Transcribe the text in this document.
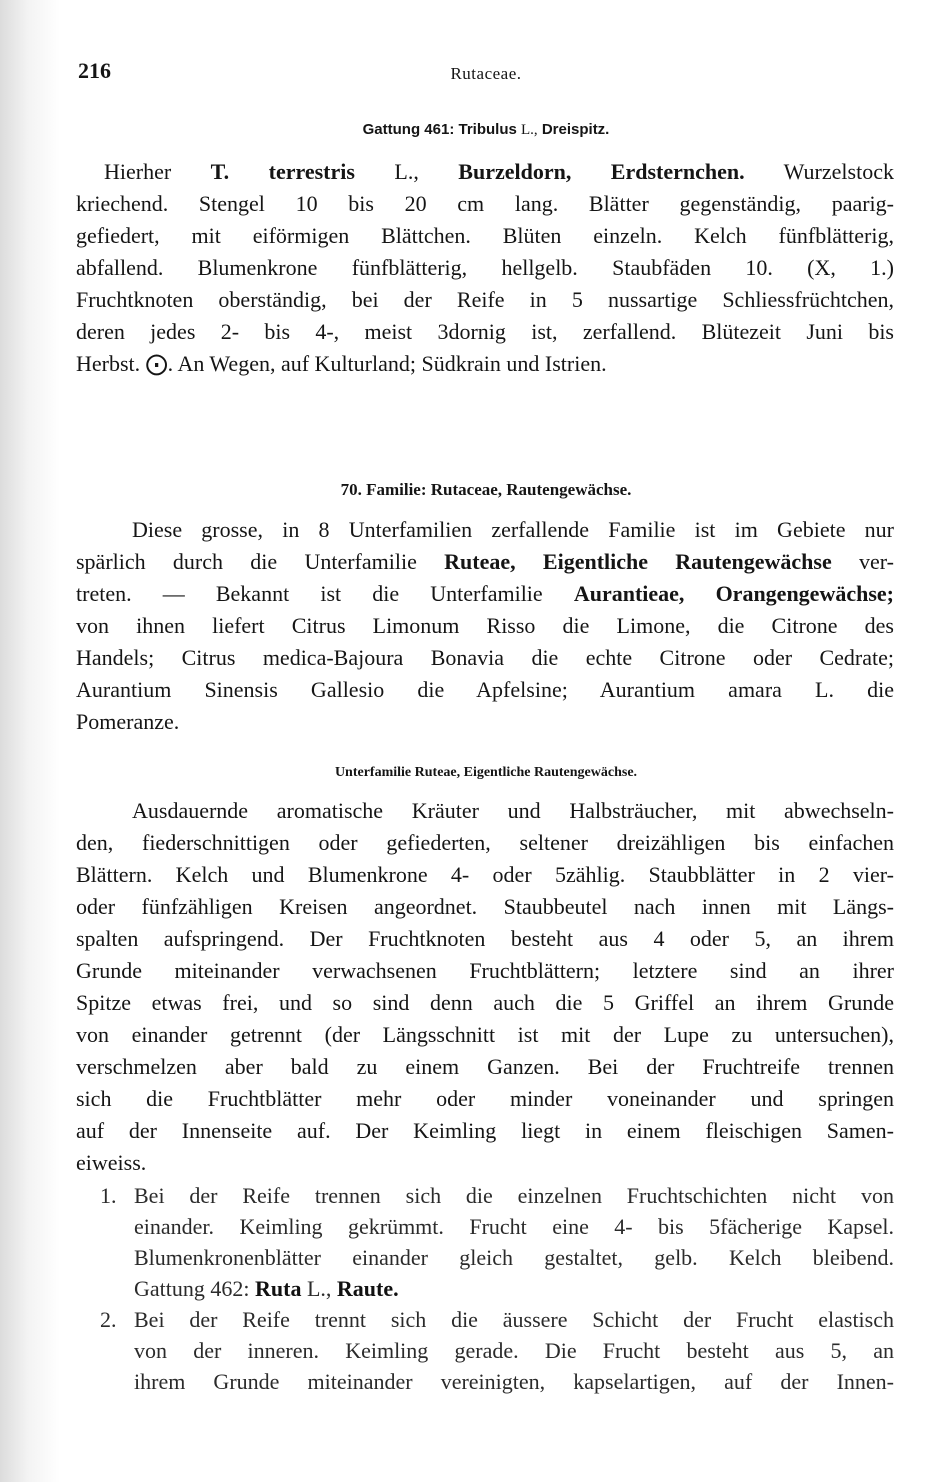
216	Rutaceae.
Gattung 461: Tribulus L., Dreispitz.
Hierher T. terrestris L., Burzeldorn, Erdsternchen. Wurzelstock
kriechend. Stengel 10 bis 20 cm lang. Blätter gegenständig, paarig-
gefiedert, mit eiförmigen Blättchen. Blüten einzeln. Kelch fünfblätterig,
abfallend. Blumenkrone fünfblätterig, hellgelb. Staubfäden 10. (X, 1.)
Fruchtknoten oberständig, bei der Reife in 5 nussartige Schliessfrüchtchen,
deren jedes 2- bis 4-, meist 3dornig ist, zerfallend. Blütezeit Juni bis
Herbst. ⨀. An Wegen, auf Kulturland; Südkrain und Istrien.
70. Familie: Rutaceae, Rautengewächse.
Diese grosse, in 8 Unterfamilien zerfallende Familie ist im Gebiete nur
spärlich durch die Unterfamilie Ruteae, Eigentliche Rautengewächse ver-
treten. — Bekannt ist die Unterfamilie Aurantieae, Orangengewächse;
von ihnen liefert Citrus Limonum Risso die Limone, die Citrone des
Handels; Citrus medica-Bajoura Bonavia die echte Citrone oder Cedrate;
Aurantium Sinensis Gallesio die Apfelsine; Aurantium amara L. die
Pomeranze.
Unterfamilie Ruteae, Eigentliche Rautengewächse.
Ausdauernde aromatische Kräuter und Halbsträucher, mit abwechseln-
den, fiederschnittigen oder gefiederten, seltener dreizähligen bis einfachen
Blättern. Kelch und Blumenkrone 4- oder 5zählig. Staubblätter in 2 vier-
oder fünfzähligen Kreisen angeordnet. Staubbeutel nach innen mit Längs-
spalten aufspringend. Der Fruchtknoten besteht aus 4 oder 5, an ihrem
Grunde miteinander verwachsenen Fruchtblättern; letztere sind an ihrer
Spitze etwas frei, und so sind denn auch die 5 Griffel an ihrem Grunde
von einander getrennt (der Längsschnitt ist mit der Lupe zu untersuchen),
verschmelzen aber bald zu einem Ganzen. Bei der Fruchtreife trennen
sich die Fruchtblätter mehr oder minder voneinander und springen
auf der Innenseite auf. Der Keimling liegt in einem fleischigen Samen-
eiweiss.
1. Bei der Reife trennen sich die einzelnen Fruchtschichten nicht von
einander. Keimling gekrümmt. Frucht eine 4- bis 5fächerige Kapsel.
Blumenkronenblätter einander gleich gestaltet, gelb. Kelch bleibend.
Gattung 462: Ruta L., Raute.
2. Bei der Reife trennt sich die äussere Schicht der Frucht elastisch
von der inneren. Keimling gerade. Die Frucht besteht aus 5, an
ihrem Grunde miteinander vereinigten, kapselartigen, auf der Innen-
